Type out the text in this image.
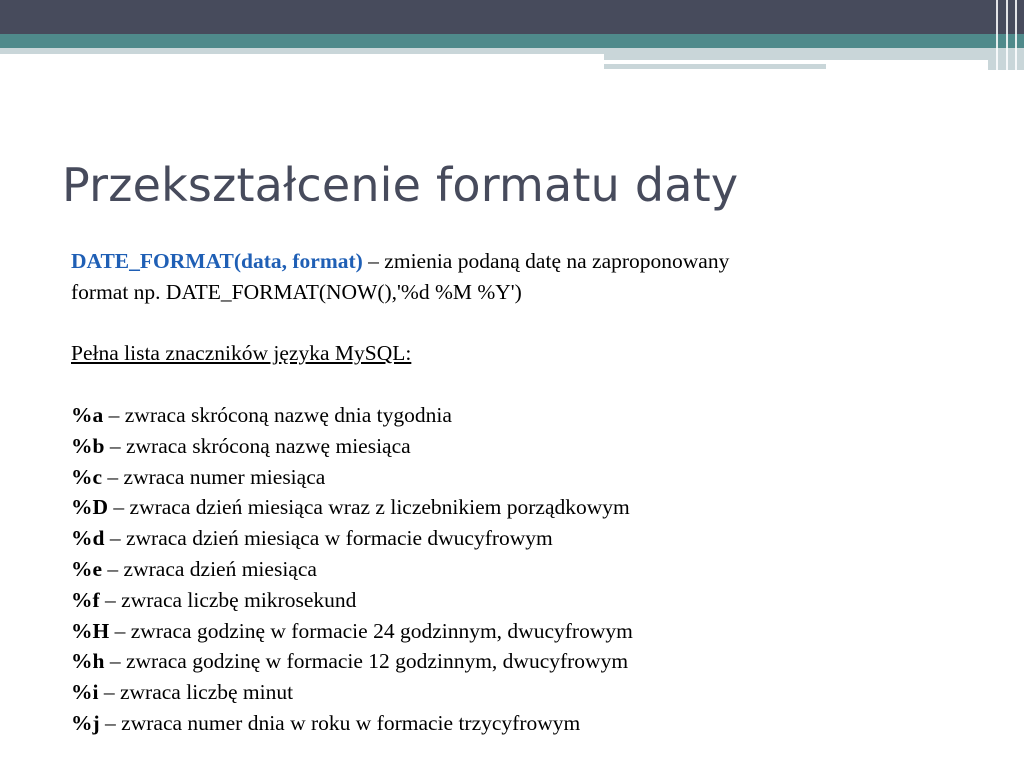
Przekształcenie formatu daty

DATE_FORMAT(data, format) – zmienia podaną datę na zaproponowany

format np. DATE_FORMAT(NOW(),'%d %M %Y')

Pełna lista znaczników języka MySQL:

%a – zwraca skróconą nazwę dnia tygodnia

%b – zwraca skróconą nazwę miesiąca

%c – zwraca numer miesiąca

%D – zwraca dzień miesiąca wraz z liczebnikiem porządkowym

%d – zwraca dzień miesiąca w formacie dwucyfrowym

%e – zwraca dzień miesiąca

%f – zwraca liczbę mikrosekund

%H – zwraca godzinę w formacie 24 godzinnym, dwucyfrowym

%h – zwraca godzinę w formacie 12 godzinnym, dwucyfrowym

%i – zwraca liczbę minut

%j – zwraca numer dnia w roku w formacie trzycyfrowym
